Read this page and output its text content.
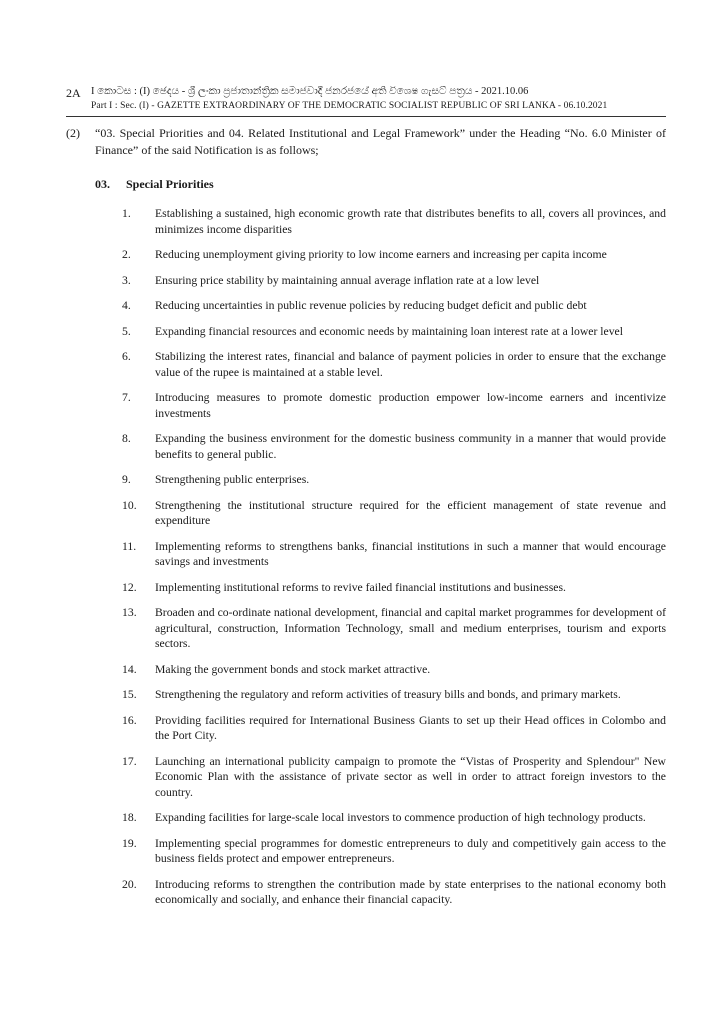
2A I කොටස : (I) ඡෙදය - ශ්‍රී ලංකා ප්‍රජාතාන්ත්‍රික සමාජවාදී ජනරජයේ අති විශෙෂ ගැසට් පත්‍රය - 2021.10.06
Part I : Sec. (I) - GAZETTE EXTRAORDINARY OF THE DEMOCRATIC SOCIALIST REPUBLIC OF SRI LANKA - 06.10.2021
(2) “03. Special Priorities and 04. Related Institutional and Legal Framework” under the Heading “No. 6.0 Minister of Finance” of the said Notification is as follows;
03. Special Priorities
1.	Establishing a sustained, high economic growth rate that distributes benefits to all, covers all provinces, and minimizes income disparities
2.	Reducing unemployment giving priority to low income earners and increasing per capita income
3.	Ensuring price stability by maintaining annual average inflation rate at a low level
4.	Reducing uncertainties in public revenue policies by reducing budget deficit and public debt
5.	Expanding financial resources and economic needs by maintaining loan interest rate at a lower level
6.	Stabilizing the interest rates, financial and balance of payment policies in order to ensure that the exchange value of the rupee is maintained at a stable level.
7.	Introducing measures to promote domestic production empower low-income earners and incentivize investments
8.	Expanding the business environment for the domestic business community in a manner that would provide benefits to general public.
9.	Strengthening public enterprises.
10.	Strengthening the institutional structure required for the efficient management of state revenue and expenditure
11.	Implementing reforms to strengthens banks, financial institutions in such a manner that would encourage savings and investments
12.	Implementing institutional reforms to revive failed financial institutions and businesses.
13.	Broaden and co-ordinate national development, financial and capital market programmes for development of agricultural, construction, Information Technology, small and medium enterprises, tourism and exports sectors.
14.	Making the government bonds and stock market attractive.
15.	Strengthening the regulatory and reform activities of treasury bills and bonds, and primary markets.
16.	Providing facilities required for International Business Giants to set up their Head offices in Colombo and the Port City.
17.	Launching an international publicity campaign to promote the “Vistas of Prosperity and Splendour" New Economic Plan with the assistance of private sector as well in order to attract foreign investors to the country.
18.	Expanding facilities for large-scale local investors to commence production of high technology products.
19.	Implementing special programmes for domestic entrepreneurs to duly and competitively gain access to the business fields protect and empower entrepreneurs.
20.	Introducing reforms to strengthen the contribution made by state enterprises to the national economy both economically and socially, and enhance their financial capacity.
